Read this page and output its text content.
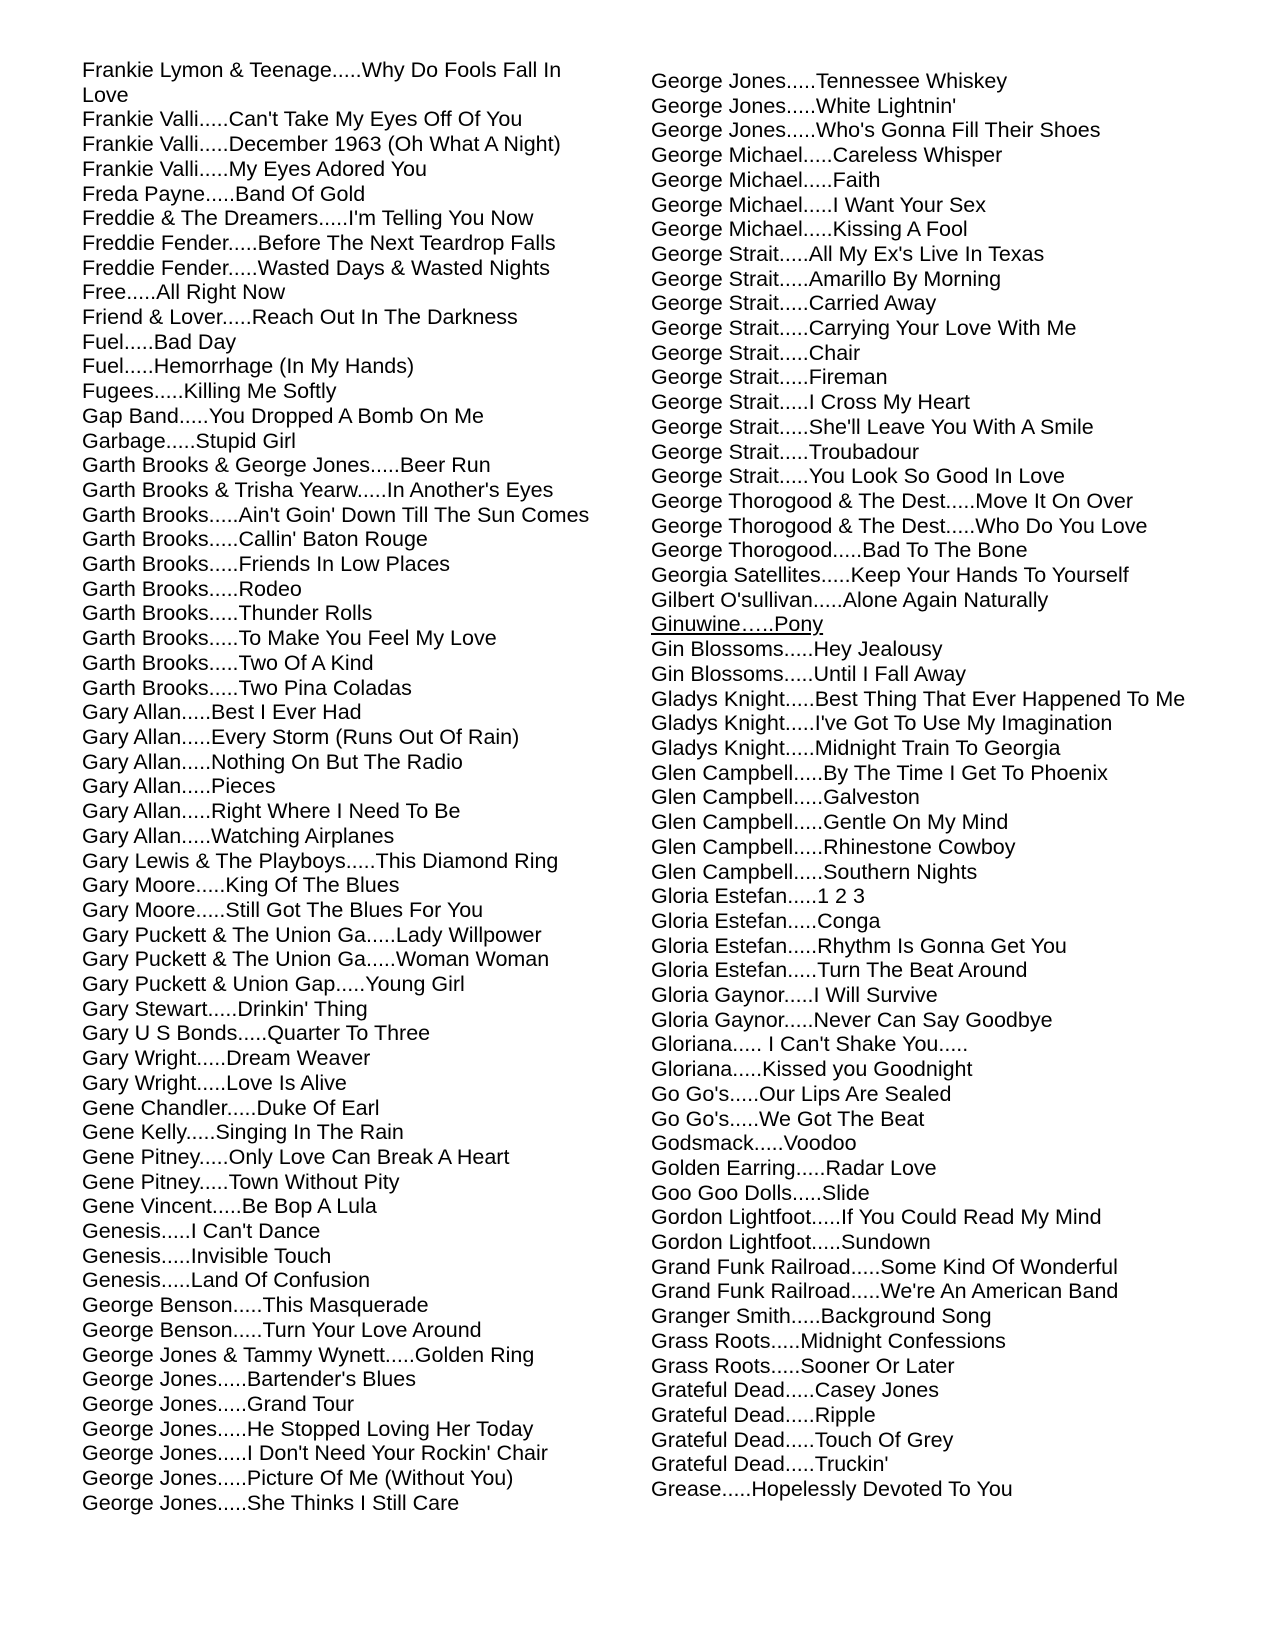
Frankie Lymon & Teenage.....Why Do Fools Fall In Love
Frankie Valli.....Can't Take My Eyes Off Of You
Frankie Valli.....December 1963 (Oh What A Night)
Frankie Valli.....My Eyes Adored You
Freda Payne.....Band Of Gold
Freddie & The Dreamers.....I'm Telling You Now
Freddie Fender.....Before The Next Teardrop Falls
Freddie Fender.....Wasted Days & Wasted Nights
Free.....All Right Now
Friend & Lover.....Reach Out In The Darkness
Fuel.....Bad Day
Fuel.....Hemorrhage (In My Hands)
Fugees.....Killing Me Softly
Gap Band.....You Dropped A Bomb On Me
Garbage.....Stupid Girl
Garth Brooks & George Jones.....Beer Run
Garth Brooks & Trisha Yearw.....In Another's Eyes
Garth Brooks.....Ain't Goin' Down Till The Sun Comes
Garth Brooks.....Callin' Baton Rouge
Garth Brooks.....Friends In Low Places
Garth Brooks.....Rodeo
Garth Brooks.....Thunder Rolls
Garth Brooks.....To Make You Feel My Love
Garth Brooks.....Two Of A Kind
Garth Brooks.....Two Pina Coladas
Gary Allan.....Best I Ever Had
Gary Allan.....Every Storm (Runs Out Of Rain)
Gary Allan.....Nothing On But The Radio
Gary Allan.....Pieces
Gary Allan.....Right Where I Need To Be
Gary Allan.....Watching Airplanes
Gary Lewis & The Playboys.....This Diamond Ring
Gary Moore.....King Of The Blues
Gary Moore.....Still Got The Blues For You
Gary Puckett & The Union Ga.....Lady Willpower
Gary Puckett & The Union Ga.....Woman Woman
Gary Puckett & Union Gap.....Young Girl
Gary Stewart.....Drinkin' Thing
Gary U S Bonds.....Quarter To Three
Gary Wright.....Dream Weaver
Gary Wright.....Love Is Alive
Gene Chandler.....Duke Of Earl
Gene Kelly.....Singing In The Rain
Gene Pitney.....Only Love Can Break A Heart
Gene Pitney.....Town Without Pity
Gene Vincent.....Be Bop A Lula
Genesis.....I Can't Dance
Genesis.....Invisible Touch
Genesis.....Land Of Confusion
George Benson.....This Masquerade
George Benson.....Turn Your Love Around
George Jones & Tammy Wynett.....Golden Ring
George Jones.....Bartender's Blues
George Jones.....Grand Tour
George Jones.....He Stopped Loving Her Today
George Jones.....I Don't Need Your Rockin' Chair
George Jones.....Picture Of Me (Without You)
George Jones.....She Thinks I Still Care
George Jones.....Tennessee Whiskey
George Jones.....White Lightnin'
George Jones.....Who's Gonna Fill Their Shoes
George Michael.....Careless Whisper
George Michael.....Faith
George Michael.....I Want Your Sex
George Michael.....Kissing A Fool
George Strait.....All My Ex's Live In Texas
George Strait.....Amarillo By Morning
George Strait.....Carried Away
George Strait.....Carrying Your Love With Me
George Strait.....Chair
George Strait.....Fireman
George Strait.....I Cross My Heart
George Strait.....She'll Leave You With A Smile
George Strait.....Troubadour
George Strait.....You Look So Good In Love
George Thorogood & The Dest.....Move It On Over
George Thorogood & The Dest.....Who Do You Love
George Thorogood.....Bad To The Bone
Georgia Satellites.....Keep Your Hands To Yourself
Gilbert O'sullivan.....Alone Again Naturally
Ginuwine…..Pony
Gin Blossoms.....Hey Jealousy
Gin Blossoms.....Until I Fall Away
Gladys Knight.....Best Thing That Ever Happened To Me
Gladys Knight.....I've Got To Use My Imagination
Gladys Knight.....Midnight Train To Georgia
Glen Campbell.....By The Time I Get To Phoenix
Glen Campbell.....Galveston
Glen Campbell.....Gentle On My Mind
Glen Campbell.....Rhinestone Cowboy
Glen Campbell.....Southern Nights
Gloria Estefan.....1 2 3
Gloria Estefan.....Conga
Gloria Estefan.....Rhythm Is Gonna Get You
Gloria Estefan.....Turn The Beat Around
Gloria Gaynor.....I Will Survive
Gloria Gaynor.....Never Can Say Goodbye
Gloriana..... I Can't Shake You.....
Gloriana.....Kissed you Goodnight
Go Go's.....Our Lips Are Sealed
Go Go's.....We Got The Beat
Godsmack.....Voodoo
Golden Earring.....Radar Love
Goo Goo Dolls.....Slide
Gordon Lightfoot.....If You Could Read My Mind
Gordon Lightfoot.....Sundown
Grand Funk Railroad.....Some Kind Of Wonderful
Grand Funk Railroad.....We're An American Band
Granger Smith.....Background Song
Grass Roots.....Midnight Confessions
Grass Roots.....Sooner Or Later
Grateful Dead.....Casey Jones
Grateful Dead.....Ripple
Grateful Dead.....Touch Of Grey
Grateful Dead.....Truckin'
Grease.....Hopelessly Devoted To You
